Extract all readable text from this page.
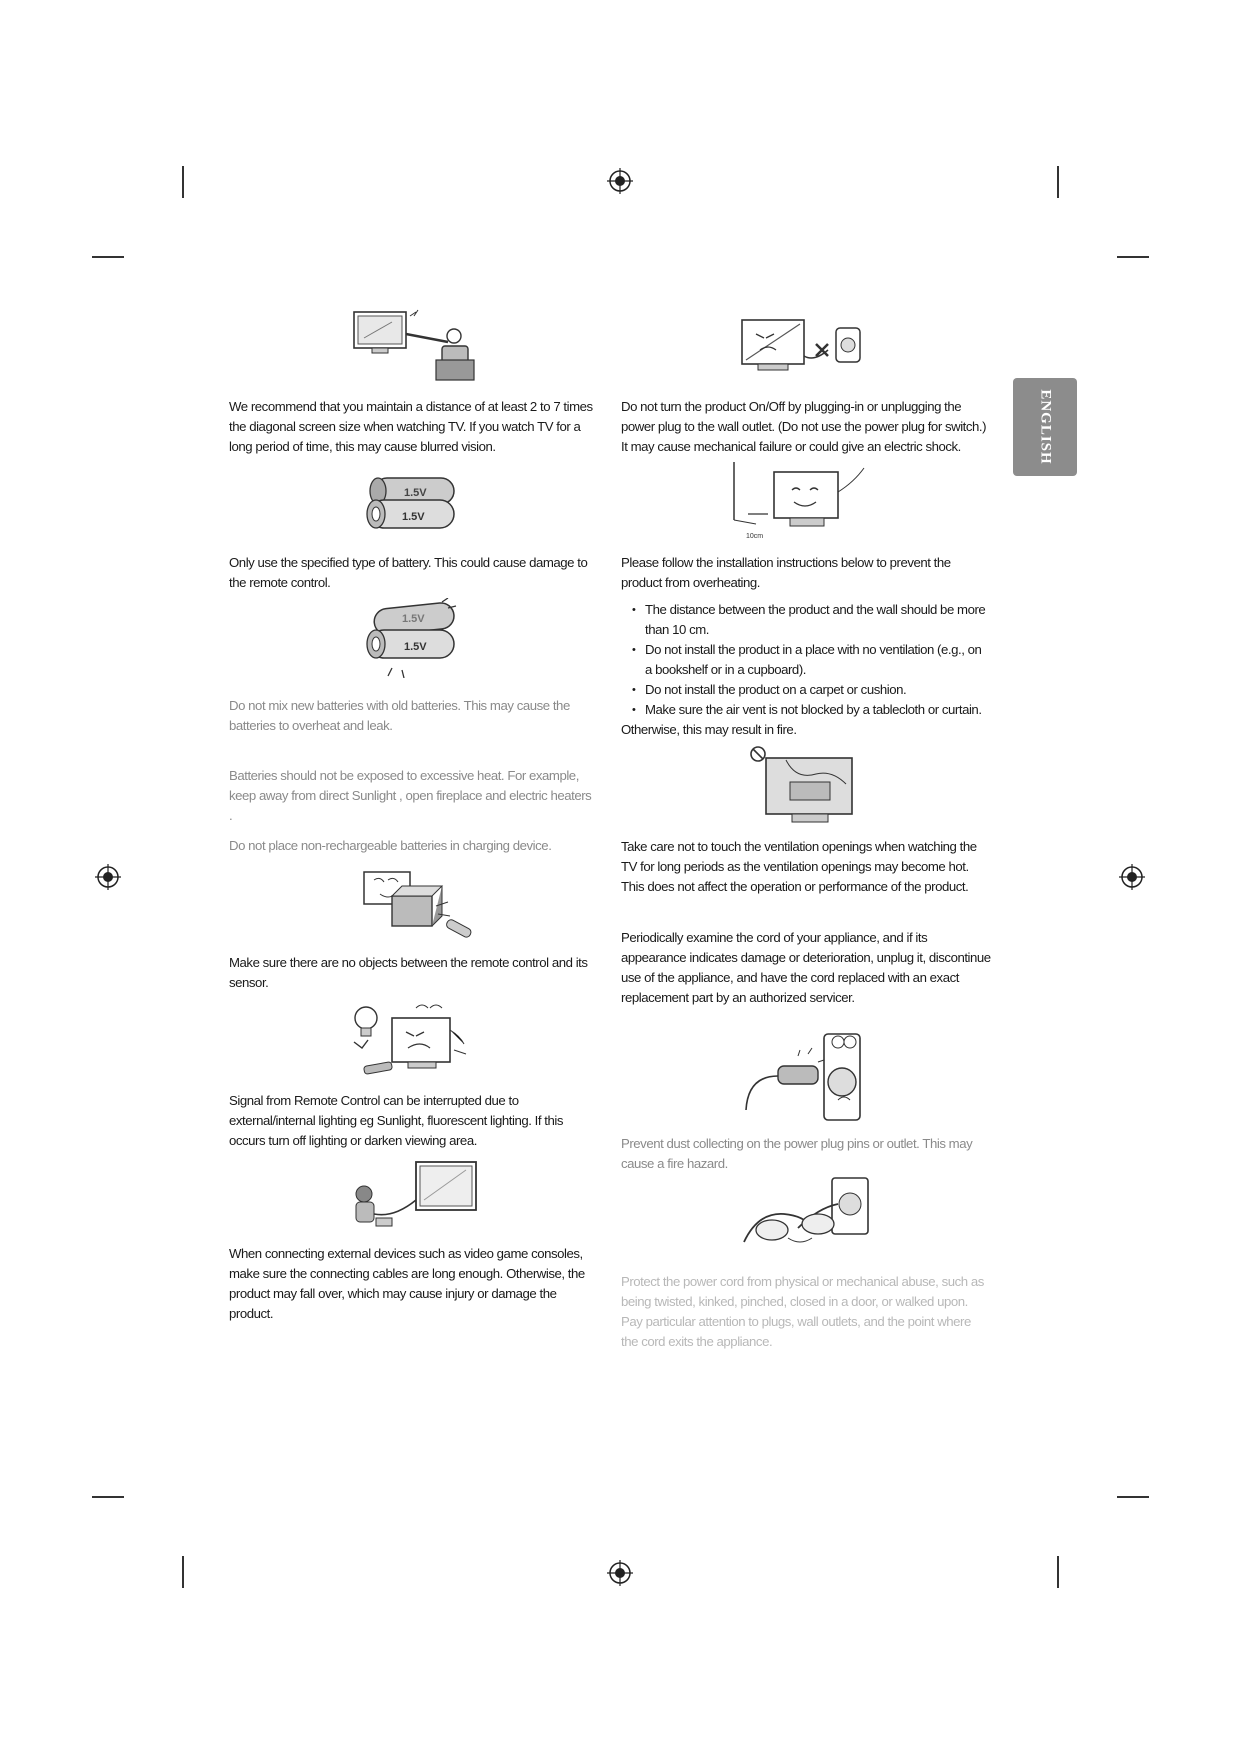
ENGLISH
We recommend that you maintain a distance of at least 2 to 7 times the diagonal screen size when watching TV. If you watch TV for a long period of time, this may cause blurred vision.
1.5V
1.5V
Only use the specified type of battery. This could cause damage to the remote control.
1.5V
1.5V
Do not mix new batteries with old batteries. This may cause the batteries to overheat and leak.
Batteries should not be exposed to excessive heat. For example, keep away from direct Sunlight , open fireplace and electric heaters .
Do not place non-rechargeable batteries in charging device.
Make sure there are no objects between the remote control and its sensor.
Signal from Remote Control can be interrupted due to external/internal lighting eg Sunlight, fluorescent lighting. If this occurs turn off lighting or darken viewing area.
When connecting external devices such as video game consoles, make sure the connecting cables are long enough. Otherwise, the product may fall over, which may cause injury or damage the product.
Do not turn the product On/Off by plugging-in or unplugging the power plug to the wall outlet. (Do not use the power plug for switch.) It may cause mechanical failure or could give an electric shock.
10cm
Please follow the installation instructions below to prevent the product from overheating.
• The distance between the product and the wall should be more than 10 cm.
• Do not install the product in a place with no ventilation (e.g., on a bookshelf or in a cupboard).
• Do not install the product on a carpet or cushion.
• Make sure the air vent is not blocked by a tablecloth or curtain.
Otherwise, this may result in fire.
Take care not to touch the ventilation openings when watching the TV for long periods as the ventilation openings may become hot. This does not affect the operation or performance of the product.
Periodically examine the cord of your appliance, and if its appearance indicates damage or deterioration, unplug it, discontinue use of the appliance, and have the cord replaced with an exact replacement part by an authorized servicer.
Prevent dust collecting on the power plug pins or outlet. This may cause a fire hazard.
Protect the power cord from physical or mechanical abuse, such as being twisted, kinked, pinched, closed in a door, or walked upon. Pay particular attention to plugs, wall outlets, and the point where the cord exits the appliance.
